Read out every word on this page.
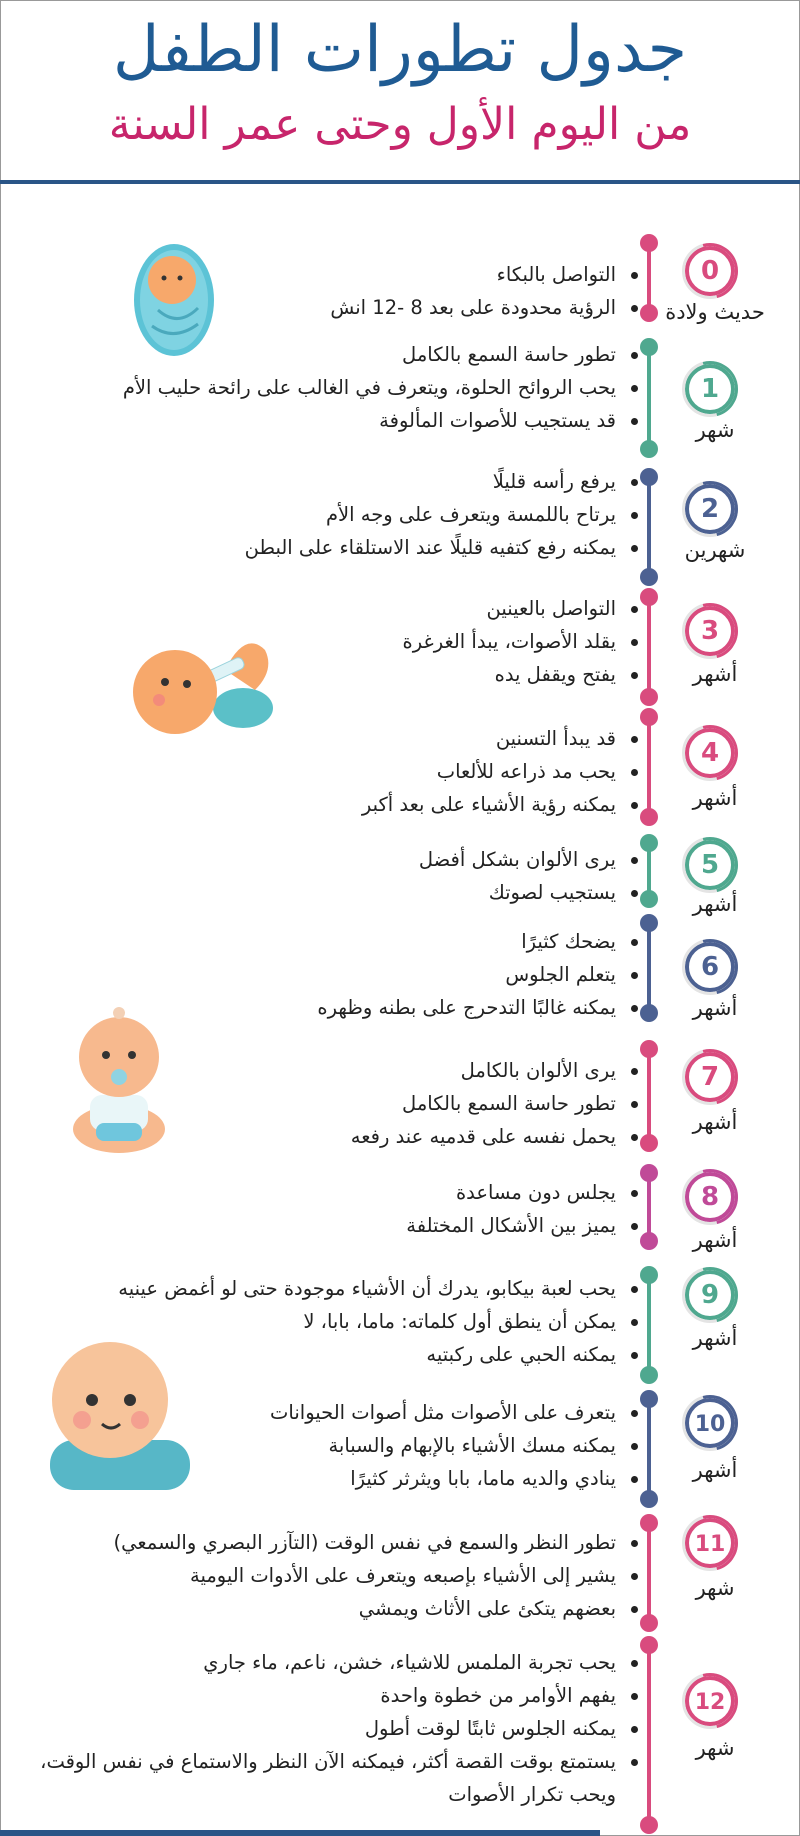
جدول تطورات الطفل
من اليوم الأول وحتى عمر السنة
0
حديث ولادة
التواصل بالبكاء
الرؤية محدودة على بعد 8 -12 انش
1
شهر
تطور حاسة السمع بالكامل
يحب الروائح الحلوة، ويتعرف في الغالب على رائحة حليب الأم
قد يستجيب للأصوات المألوفة
2
شهرين
يرفع رأسه قليلًا
يرتاح باللمسة ويتعرف على وجه الأم
يمكنه رفع كتفيه قليلًا عند الاستلقاء على البطن
3
أشهر
التواصل بالعينين
يقلد الأصوات، يبدأ الغرغرة
يفتح ويقفل يده
4
أشهر
قد يبدأ التسنين
يحب مد ذراعه للألعاب
يمكنه رؤية الأشياء على بعد أكبر
5
أشهر
يرى الألوان بشكل أفضل
يستجيب لصوتك
6
أشهر
يضحك كثيرًا
يتعلم الجلوس
يمكنه غالبًا التدحرج على بطنه وظهره
7
أشهر
يرى الألوان بالكامل
تطور حاسة السمع بالكامل
يحمل نفسه على قدميه عند رفعه
8
أشهر
يجلس دون مساعدة
يميز بين الأشكال المختلفة
9
أشهر
يحب لعبة بيكابو، يدرك أن الأشياء موجودة حتى لو أغمض عينيه
يمكن أن ينطق أول كلماته: ماما، بابا، لا
يمكنه الحبي على ركبتيه
10
أشهر
يتعرف على الأصوات مثل أصوات الحيوانات
يمكنه مسك الأشياء بالإبهام والسبابة
ينادي والديه ماما، بابا ويثرثر كثيرًا
11
شهر
تطور النظر والسمع في نفس الوقت (التآزر البصري والسمعي)
يشير إلى الأشياء بإصبعه ويتعرف على الأدوات اليومية
بعضهم يتكئ على الأثاث ويمشي
12
شهر
يحب تجربة الملمس للاشياء، خشن، ناعم، ماء جاري
يفهم الأوامر من خطوة واحدة
يمكنه الجلوس ثابتًا لوقت أطول
يستمتع بوقت القصة أكثر، فيمكنه الآن النظر والاستماع في نفس الوقت، ويحب تكرار الأصوات
